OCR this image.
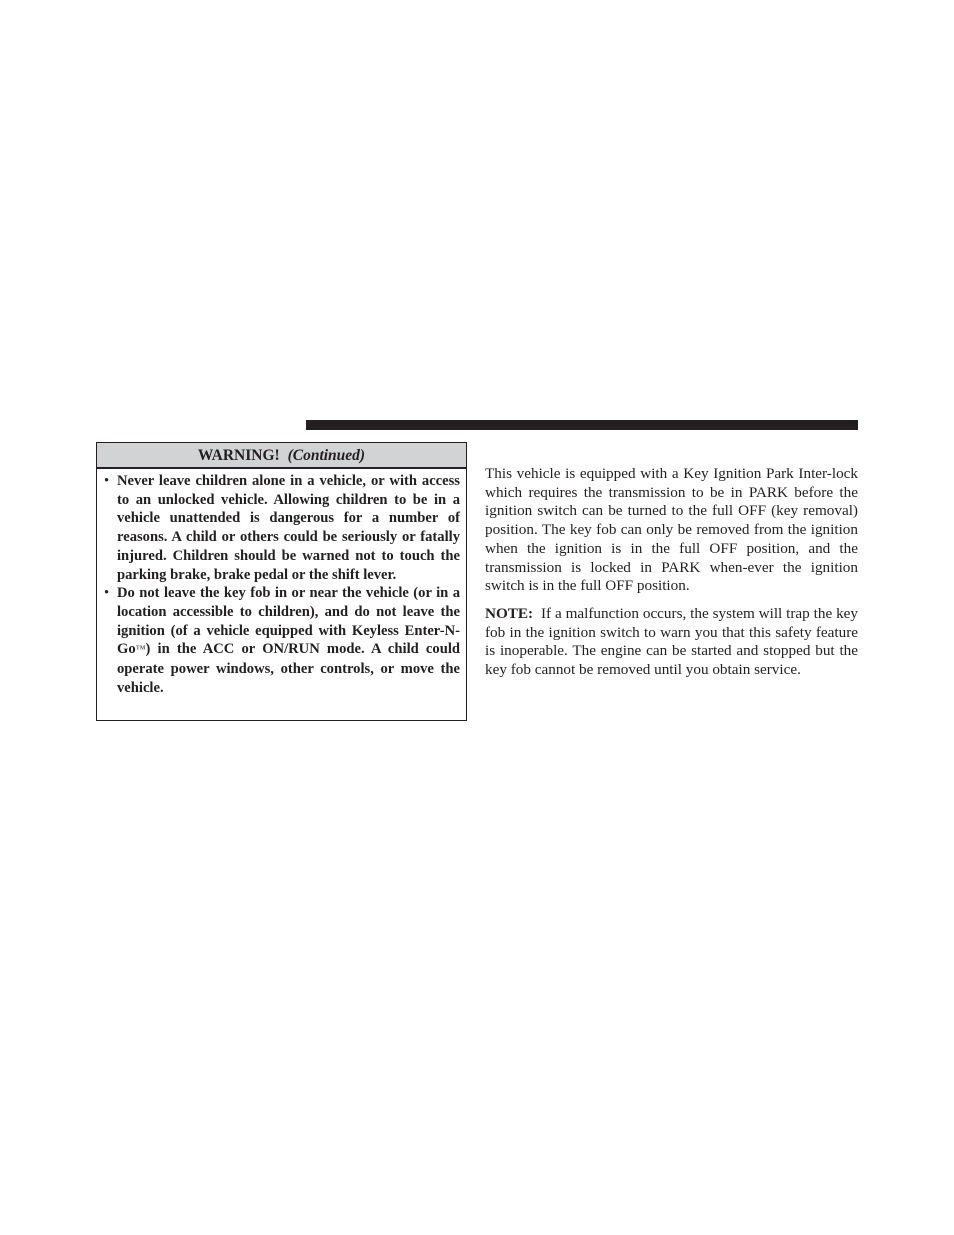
WARNING! (Continued)
• Never leave children alone in a vehicle, or with access to an unlocked vehicle. Allowing children to be in a vehicle unattended is dangerous for a number of reasons. A child or others could be seriously or fatally injured. Children should be warned not to touch the parking brake, brake pedal or the shift lever.
• Do not leave the key fob in or near the vehicle (or in a location accessible to children), and do not leave the ignition (of a vehicle equipped with Keyless Enter-N-Go™) in the ACC or ON/RUN mode. A child could operate power windows, other controls, or move the vehicle.

This vehicle is equipped with a Key Ignition Park Inter-lock which requires the transmission to be in PARK before the ignition switch can be turned to the full OFF (key removal) position. The key fob can only be removed from the ignition when the ignition is in the full OFF position, and the transmission is locked in PARK when-ever the ignition switch is in the full OFF position.

NOTE: If a malfunction occurs, the system will trap the key fob in the ignition switch to warn you that this safety feature is inoperable. The engine can be started and stopped but the key fob cannot be removed until you obtain service.
